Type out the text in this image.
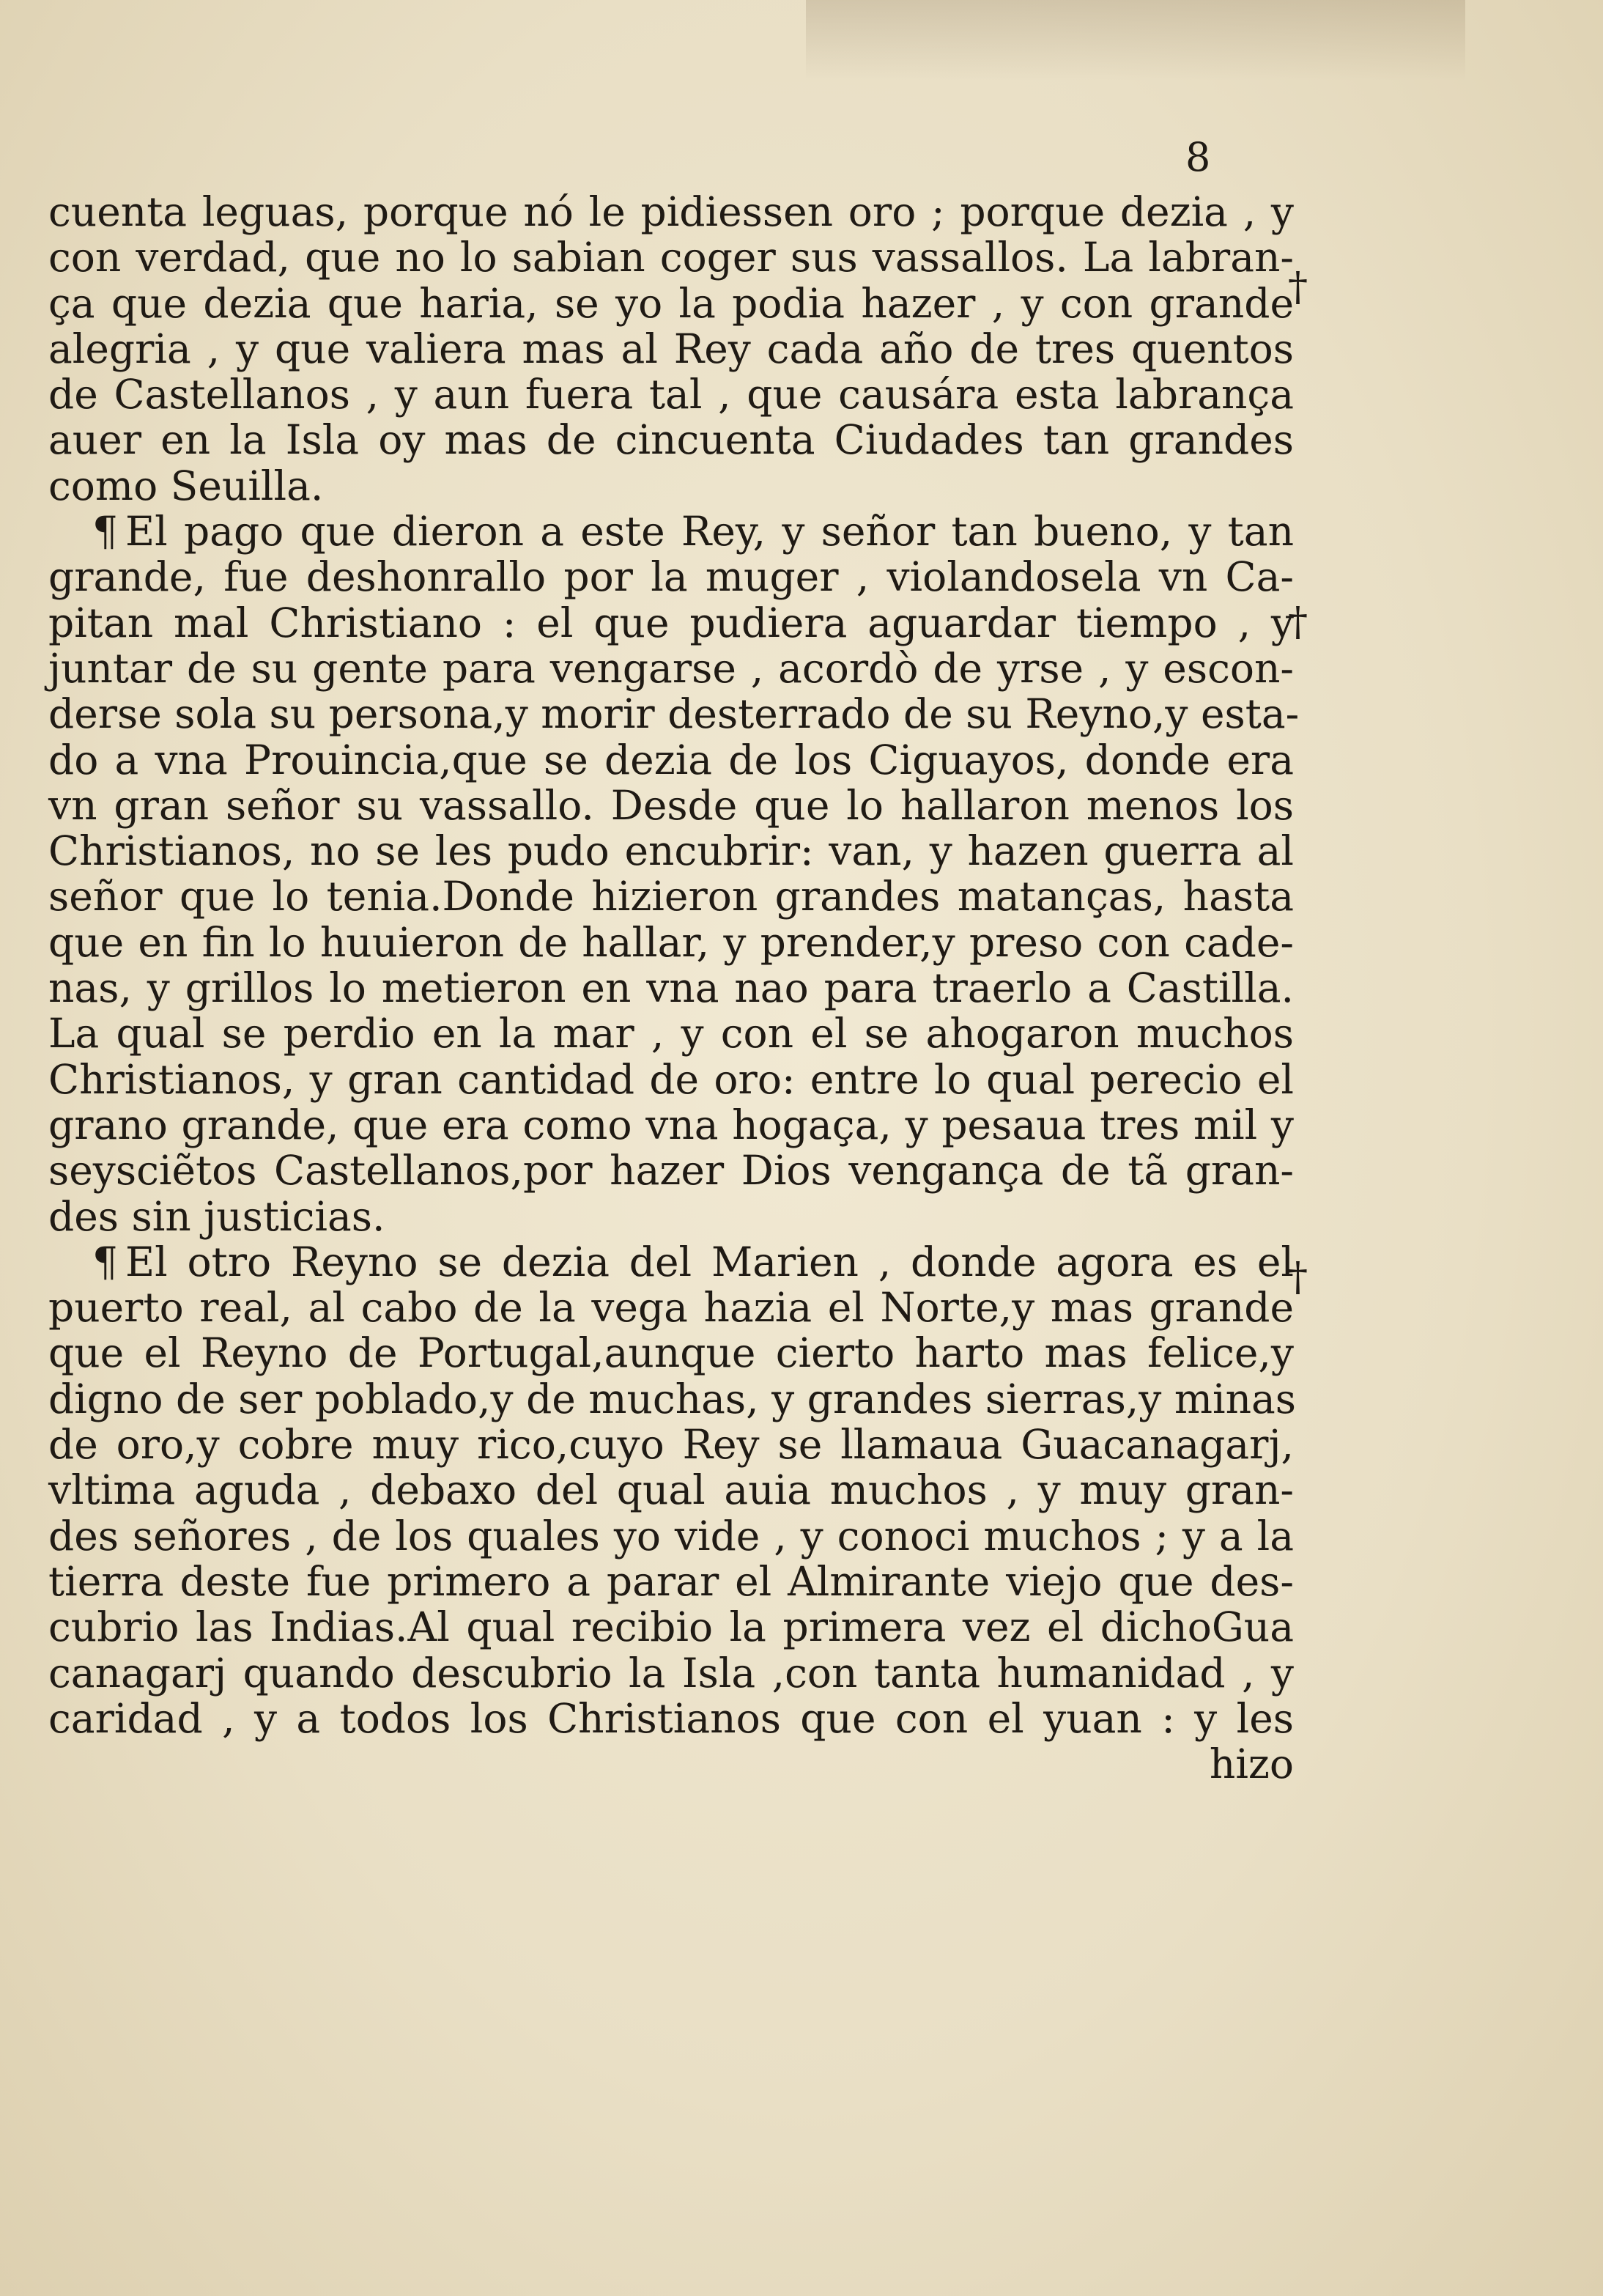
8
†
†
†
cuenta leguas, porque nó le pidiessen oro ; porque dezia , y
con verdad, que no lo sabian coger sus vassallos. La labran-
ça que dezia que haria, se yo la podia hazer , y con grande
alegria , y que valiera mas al Rey cada año de tres quentos
de Castellanos , y aun fuera tal , que causára esta labrança
auer en la Isla oy mas de cincuenta Ciudades tan grandes
como Seuilla.
¶ El pago que dieron a este Rey, y señor tan bueno, y tan
grande, fue deshonrallo por la muger , violandosela vn Ca-
pitan mal Christiano : el que pudiera aguardar tiempo , y
juntar de su gente para vengarse , acordò de yrse , y escon-
derse sola su persona,y morir desterrado de su Reyno,y esta-
do a vna Prouincia,que se dezia de los Ciguayos, donde era
vn gran señor su vassallo. Desde que lo hallaron menos los
Christianos, no se les pudo encubrir: van, y hazen guerra al
señor que lo tenia.Donde hizieron grandes matanças, hasta
que en fin lo huuieron de hallar, y prender,y preso con cade-
nas, y grillos lo metieron en vna nao para traerlo a Castilla.
La qual se perdio en la mar , y con el se ahogaron muchos
Christianos, y gran cantidad de oro: entre lo qual perecio el
grano grande, que era como vna hogaça, y pesaua tres mil y
seysciẽtos Castellanos,por hazer Dios vengança de tã gran-
des sin justicias.
¶ El otro Reyno se dezia del Marien , donde agora es el
puerto real, al cabo de la vega hazia el Norte,y mas grande
que el Reyno de Portugal,aunque cierto harto mas felice,y
digno de ser poblado,y de muchas, y grandes sierras,y minas
de oro,y cobre muy rico,cuyo Rey se llamaua Guacanagarj,
vltima aguda , debaxo del qual auia muchos , y muy gran-
des señores , de los quales yo vide , y conoci muchos ; y a la
tierra deste fue primero a parar el Almirante viejo que des-
cubrio las Indias.Al qual recibio la primera vez el dichoGua
canagarj quando descubrio la Isla ,con tanta humanidad , y
caridad , y a todos los Christianos que con el yuan : y les
hizo
